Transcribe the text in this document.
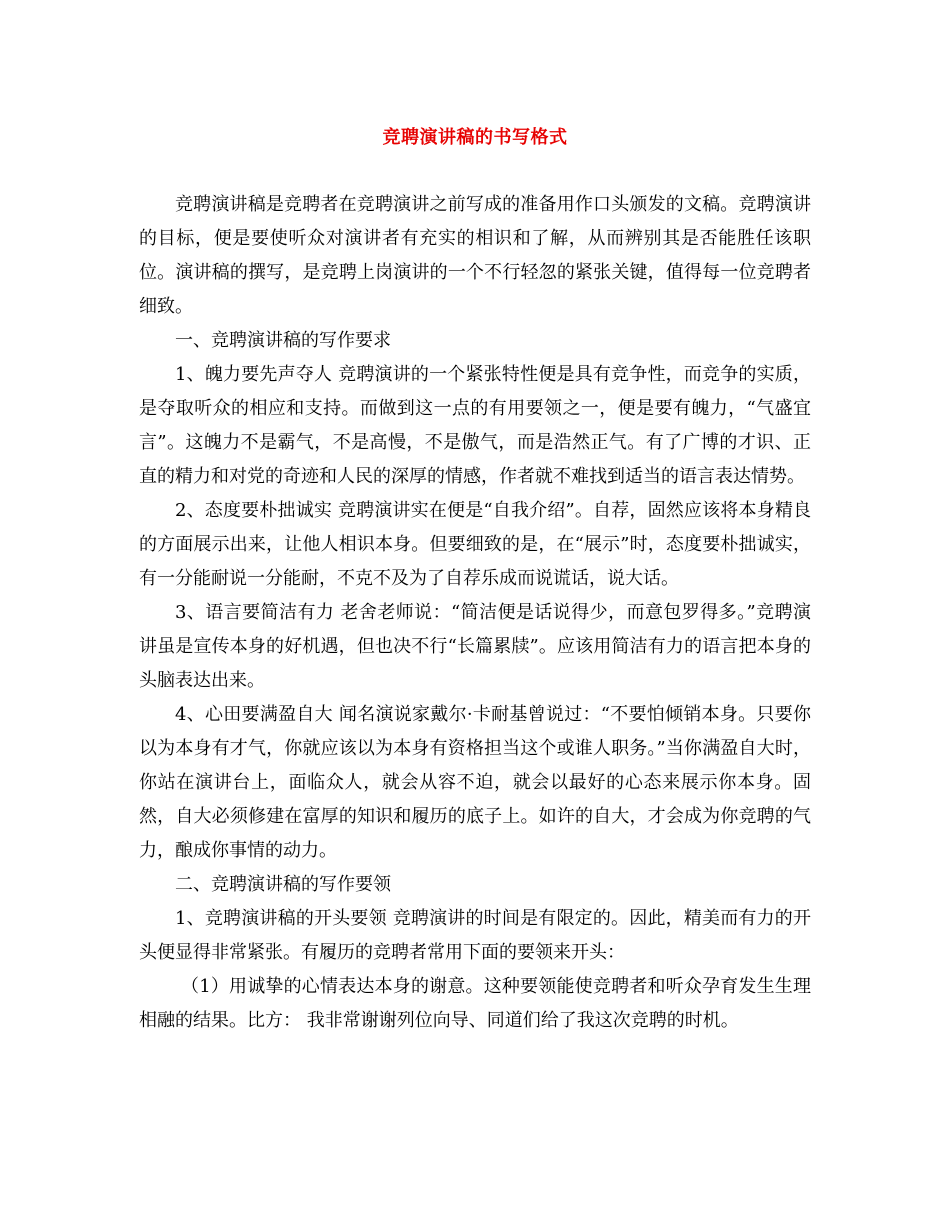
竞聘演讲稿的书写格式

竞聘演讲稿是竞聘者在竞聘演讲之前写成的准备用作口头颁发的文稿。竞聘演讲的目标，便是要使听众对演讲者有充实的相识和了解，从而辨别其是否能胜任该职位。演讲稿的撰写，是竞聘上岗演讲的一个不行轻忽的紧张关键，值得每一位竞聘者细致。

一、竞聘演讲稿的写作要求

1、魄力要先声夺人 竞聘演讲的一个紧张特性便是具有竞争性，而竞争的实质，是夺取听众的相应和支持。而做到这一点的有用要领之一，便是要有魄力，“气盛宜言”。这魄力不是霸气，不是高慢，不是傲气，而是浩然正气。有了广博的才识、正直的精力和对党的奇迹和人民的深厚的情感，作者就不难找到适当的语言表达情势。

2、态度要朴拙诚实 竞聘演讲实在便是“自我介绍”。自荐，固然应该将本身精良的方面展示出来，让他人相识本身。但要细致的是，在“展示”时，态度要朴拙诚实，有一分能耐说一分能耐，不克不及为了自荐乐成而说谎话，说大话。

3、语言要简洁有力 老舍老师说：“简洁便是话说得少，而意包罗得多。”竞聘演讲虽是宣传本身的好机遇，但也决不行“长篇累牍”。应该用简洁有力的语言把本身的头脑表达出来。

4、心田要满盈自大 闻名演说家戴尔·卡耐基曾说过：“不要怕倾销本身。只要你以为本身有才气，你就应该以为本身有资格担当这个或谁人职务。”当你满盈自大时，你站在演讲台上，面临众人，就会从容不迫，就会以最好的心态来展示你本身。固然，自大必须修建在富厚的知识和履历的底子上。如许的自大，才会成为你竞聘的气力，酿成你事情的动力。

二、竞聘演讲稿的写作要领

1、竞聘演讲稿的开头要领 竞聘演讲的时间是有限定的。因此，精美而有力的开头便显得非常紧张。有履历的竞聘者常用下面的要领来开头：

（1）用诚挚的心情表达本身的谢意。这种要领能使竞聘者和听众孕育发生生理相融的结果。比方： 我非常谢谢列位向导、同道们给了我这次竞聘的时机。
